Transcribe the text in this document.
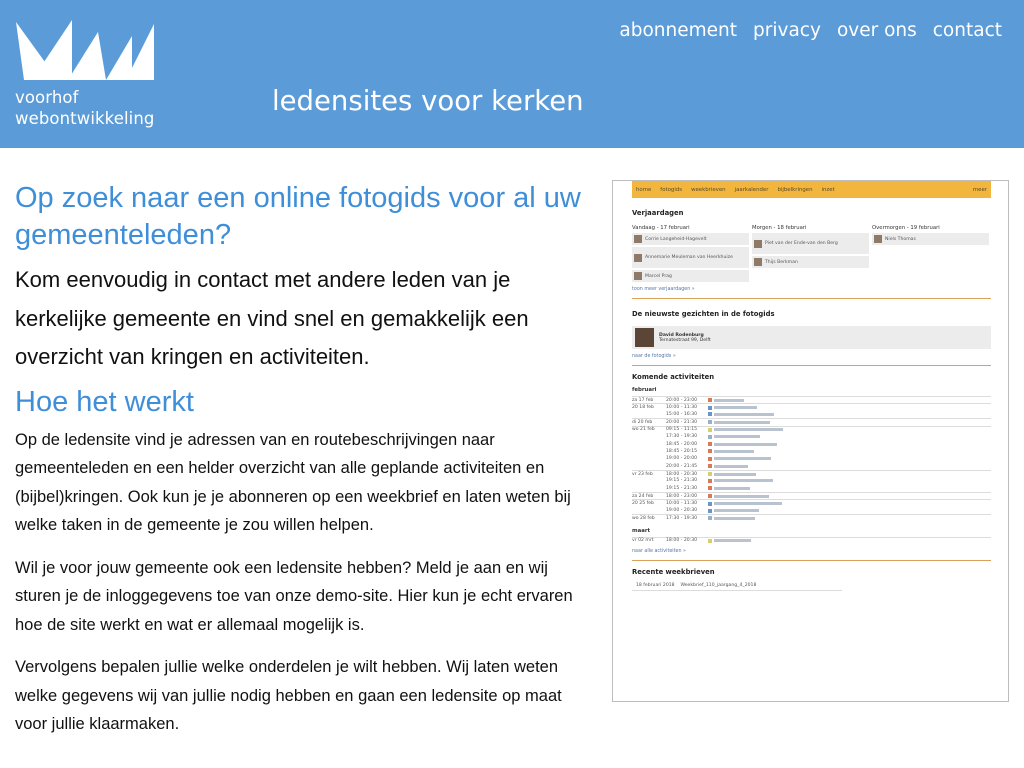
voorhof
webontwikkeling
ledensites voor kerken
abonnement privacy over ons contact
Op zoek naar een online fotogids voor al uw gemeenteleden?

Kom eenvoudig in contact met andere leden van je kerkelijke gemeente en vind snel en gemakkelijk een overzicht van kringen en activiteiten.

Hoe het werkt

Op de ledensite vind je adressen van en routebeschrijvingen naar gemeenteleden en een helder overzicht van alle geplande activiteiten en (bijbel)kringen. Ook kun je je abonneren op een weekbrief en laten weten bij welke taken in de gemeente je zou willen helpen.

Wil je voor jouw gemeente ook een ledensite hebben? Meld je aan en wij sturen je de inloggegevens toe van onze demo-site. Hier kun je echt ervaren hoe de site werkt en wat er allemaal mogelijk is.

Vervolgens bepalen jullie welke onderdelen je wilt hebben. Wij laten weten welke gegevens wij van jullie nodig hebben en gaan een ledensite op maat voor jullie klaarmaken.

home fotogids weekbrieven jaarkalender bijbelkringen inzet	meer
Verjaardagen
Vandaag - 17 februari
Corrie Langeheid-Hagevelt
Annemarie Meuleman van Heerkhuize
Marcel Prag
Morgen - 18 februari
Piet van der Ende-van den Berg
Thijs Berkman
Overmorgen - 19 februari
Niels Thomas
toon meer verjaardagen »
De nieuwste gezichten in de fotogids
David Rodenburg
Ternatestraat 99, Delft
naar de fotogids »
Komende activiteiten
februari
za 17 feb	20:00 - 23:00
20 18 feb	10:00 - 11:30
15:00 - 16:30
di 20 feb	20:00 - 21:30
wo 21 feb	09:15 - 11:15
17:30 - 19:30
18:45 - 20:00
18:45 - 20:15
19:00 - 20:00
20:00 - 21:45
vr 23 feb	18:00 - 20:30
19:15 - 21:30
19:15 - 21:30
za 24 feb	18:00 - 23:00
20 25 feb	10:00 - 11:30
19:00 - 20:30
wo 28 feb	17:30 - 19:30
maart
vr 02 mrt	18:00 - 20:30
naar alle activiteiten »
Recente weekbrieven
18 februari 2018 Weekbrief_110_jaargang_4_2018
